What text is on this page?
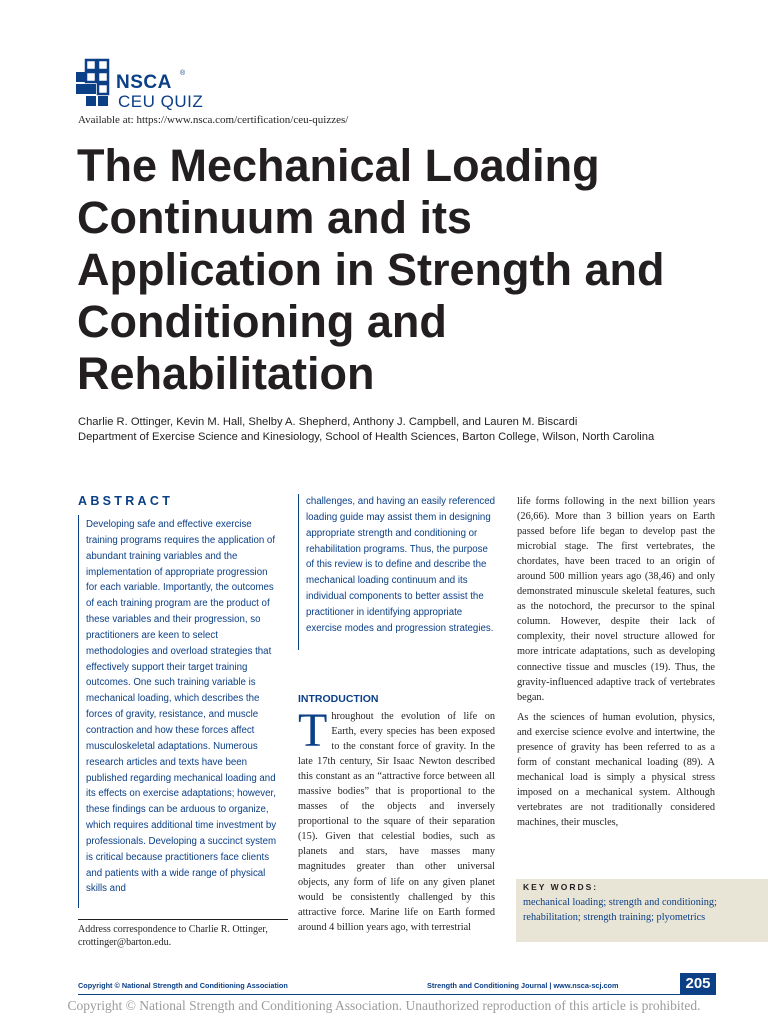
NSCA ®
CEU QUIZ
Available at: https://www.nsca.com/certification/ceu-quizzes/
The Mechanical Loading Continuum and its Application in Strength and Conditioning and Rehabilitation
Charlie R. Ottinger, Kevin M. Hall, Shelby A. Shepherd, Anthony J. Campbell, and Lauren M. Biscardi
Department of Exercise Science and Kinesiology, School of Health Sciences, Barton College, Wilson, North Carolina
ABSTRACT
Developing safe and effective exercise training programs requires the application of abundant training variables and the implementation of appropriate progression for each variable. Importantly, the outcomes of each training program are the product of these variables and their progression, so practitioners are keen to select methodologies and overload strategies that effectively support their target training outcomes. One such training variable is mechanical loading, which describes the forces of gravity, resistance, and muscle contraction and how these forces affect musculoskeletal adaptations. Numerous research articles and texts have been published regarding mechanical loading and its effects on exercise adaptations; however, these findings can be arduous to organize, which requires additional time investment by professionals. Developing a succinct system is critical because practitioners face clients and patients with a wide range of physical skills and
Address correspondence to Charlie R. Ottinger, crottinger@barton.edu.
challenges, and having an easily referenced loading guide may assist them in designing appropriate strength and conditioning or rehabilitation programs. Thus, the purpose of this review is to define and describe the mechanical loading continuum and its individual components to better assist the practitioner in identifying appropriate exercise modes and progression strategies.
INTRODUCTION
Throughout the evolution of life on Earth, every species has been exposed to the constant force of gravity. In the late 17th century, Sir Isaac Newton described this constant as an “attractive force between all massive bodies” that is proportional to the masses of the objects and inversely proportional to the square of their separation (15). Given that celestial bodies, such as planets and stars, have masses many magnitudes greater than other universal objects, any form of life on any given planet would be consistently challenged by this attractive force. Marine life on Earth formed around 4 billion years ago, with terrestrial

life forms following in the next billion years (26,66). More than 3 billion years on Earth passed before life began to develop past the microbial stage. The first vertebrates, the chordates, have been traced to an origin of around 500 million years ago (38,46) and only demonstrated minuscule skeletal features, such as the notochord, the precursor to the spinal column. However, despite their lack of complexity, their novel structure allowed for more intricate adaptations, such as developing connective tissue and muscles (19). Thus, the gravity-influenced adaptive track of vertebrates began.

As the sciences of human evolution, physics, and exercise science evolve and intertwine, the presence of gravity has been referred to as a form of constant mechanical loading (89). A mechanical load is simply a physical stress imposed on a mechanical system. Although vertebrates are not traditionally considered machines, their muscles,

KEY WORDS:
mechanical loading; strength and conditioning; rehabilitation; strength training; plyometrics
Copyright © National Strength and Conditioning Association	Strength and Conditioning Journal | www.nsca-scj.com	205
Copyright © National Strength and Conditioning Association. Unauthorized reproduction of this article is prohibited.
